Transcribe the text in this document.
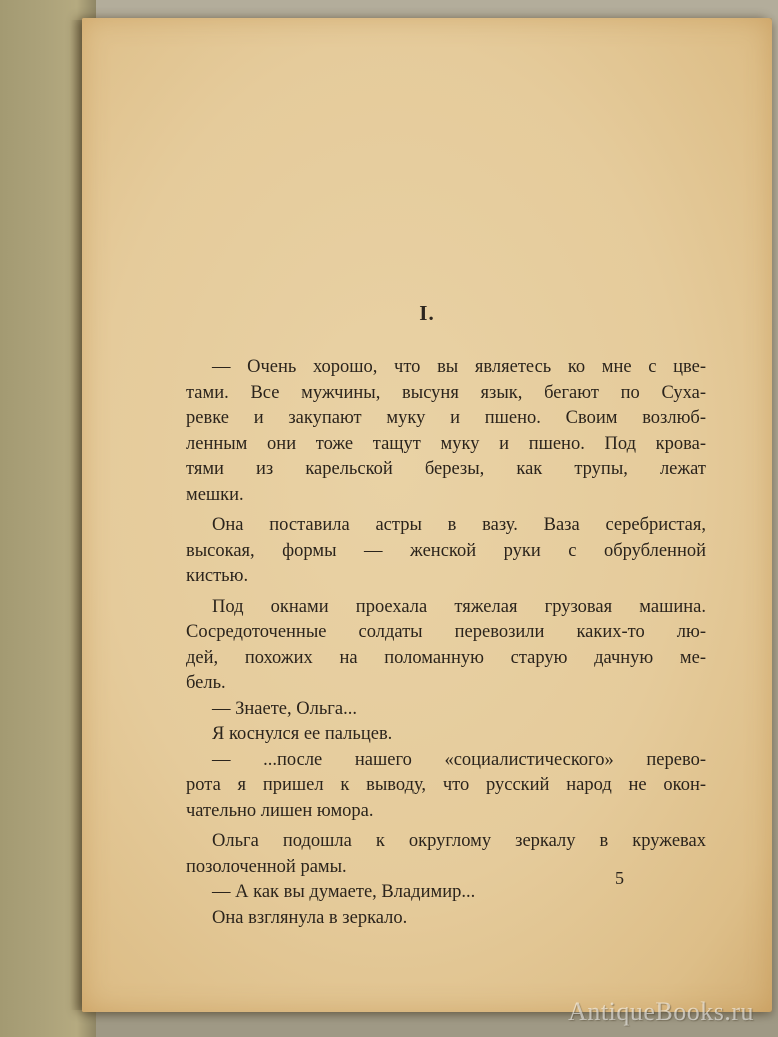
I.
— Очень хорошо, что вы являетесь ко мне с цве-
тами. Все мужчины, высуня язык, бегают по Суха-
ревке и закупают муку и пшено. Своим возлюб-
ленным они тоже тащут муку и пшено. Под крова-
тями из карельской березы, как трупы, лежат
мешки.
Она поставила астры в вазу. Ваза серебристая,
высокая, формы — женской руки с обрубленной
кистью.
Под окнами проехала тяжелая грузовая машина.
Сосредоточенные солдаты перевозили каких-то лю-
дей, похожих на поломанную старую дачную ме-
бель.
— Знаете, Ольга...
Я коснулся ее пальцев.
— ...после нашего «социалистического» перево-
рота я пришел к выводу, что русский народ не окон-
чательно лишен юмора.
Ольга подошла к округлому зеркалу в кружевах
позолоченной рамы.
— А как вы думаете, Владимир...
Она взглянула в зеркало.
5
AntiqueBooks.ru
